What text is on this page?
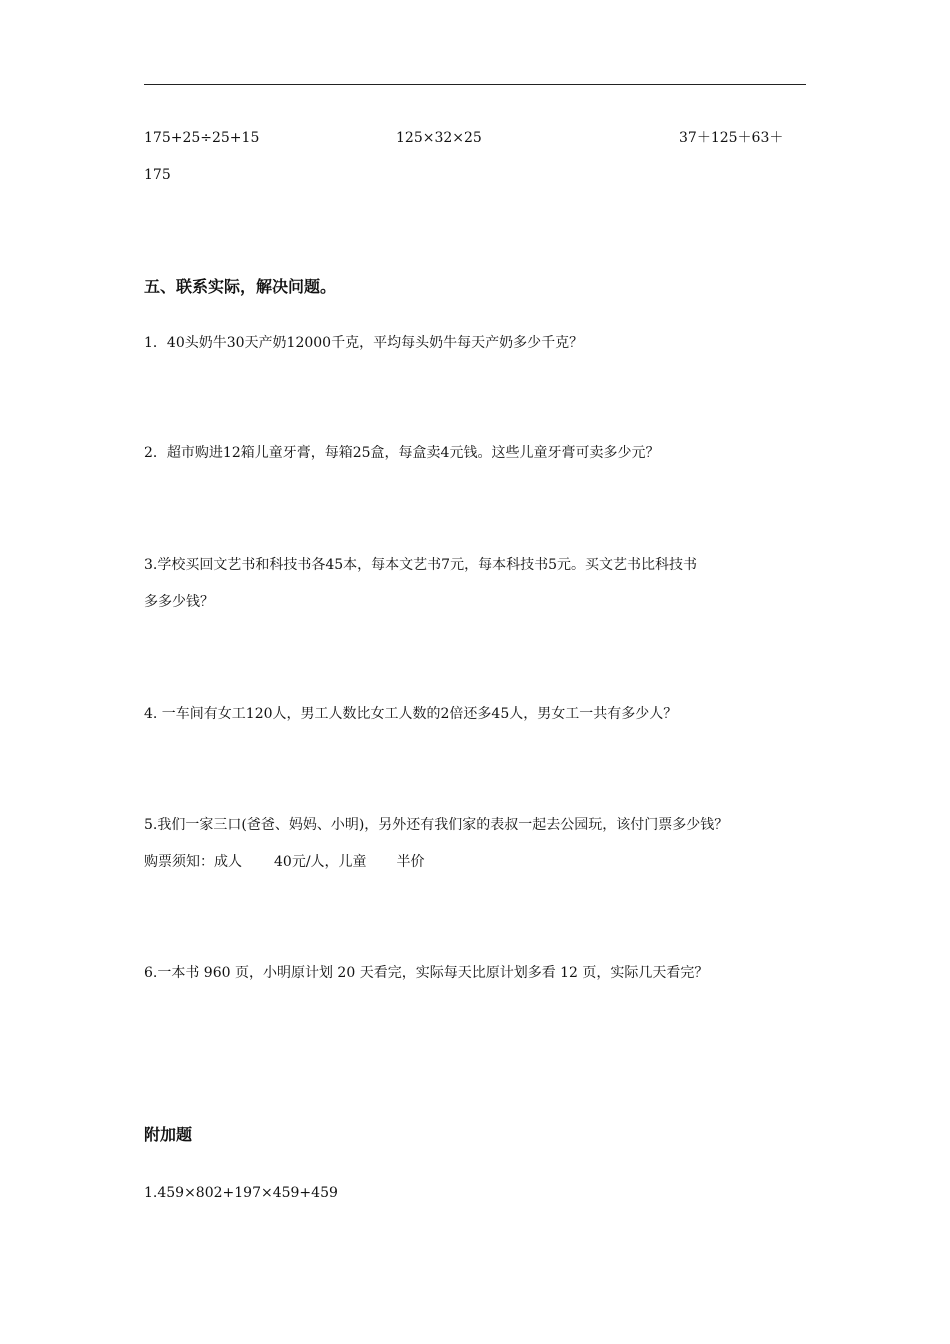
175+25÷25+15	125×32×25	37＋125＋63＋
175
五、联系实际，解决问题。
1．40头奶牛30天产奶12000千克，平均每头奶牛每天产奶多少千克？
2．超市购进12箱儿童牙膏，每箱25盒，每盒卖4元钱。这些儿童牙膏可卖多少元？
3.学校买回文艺书和科技书各45本，每本文艺书7元，每本科技书5元。买文艺书比科技书
多多少钱？
4. 一车间有女工120人，男工人数比女工人数的2倍还多45人，男女工一共有多少人？
5.我们一家三口(爸爸、妈妈、小明)，另外还有我们家的表叔一起去公园玩，该付门票多少钱？
购票须知：成人 40元/人，儿童 半价
6.一本书 960 页，小明原计划 20 天看完，实际每天比原计划多看 12 页，实际几天看完？
附加题
1.459×802+197×459+459
